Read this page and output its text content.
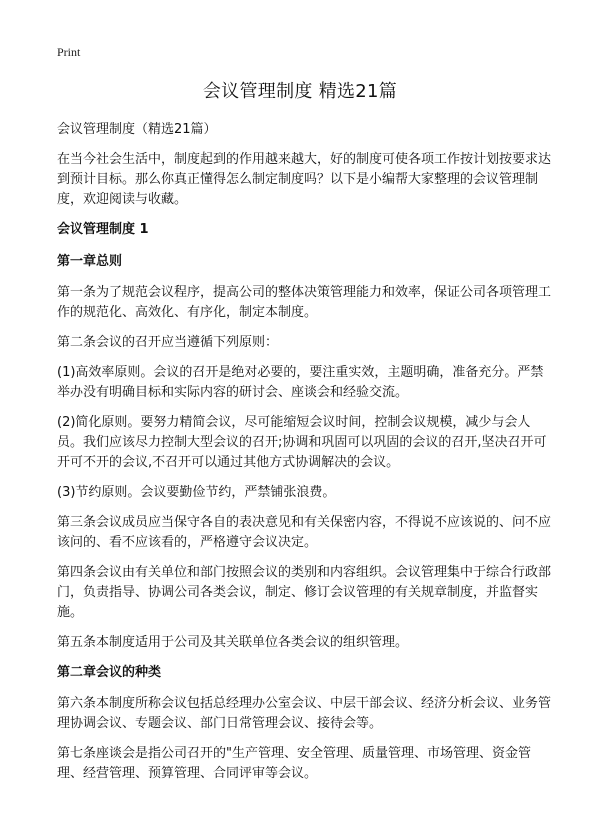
Print
会议管理制度 精选21篇

会议管理制度（精选21篇）

在当今社会生活中，制度起到的作用越来越大，好的制度可使各项工作按计划按要求达到预计目标。那么你真正懂得怎么制定制度吗？以下是小编帮大家整理的会议管理制度，欢迎阅读与收藏。

会议管理制度 1

第一章总则

第一条为了规范会议程序，提高公司的整体决策管理能力和效率，保证公司各项管理工作的规范化、高效化、有序化，制定本制度。

第二条会议的召开应当遵循下列原则：

(1)高效率原则。会议的召开是绝对必要的，要注重实效，主题明确，准备充分。严禁举办没有明确目标和实际内容的研讨会、座谈会和经验交流。

(2)简化原则。要努力精简会议，尽可能缩短会议时间，控制会议规模，减少与会人员。我们应该尽力控制大型会议的召开;协调和巩固可以巩固的会议的召开,坚决召开可开可不开的会议,不召开可以通过其他方式协调解决的会议。

(3)节约原则。会议要勤俭节约，严禁铺张浪费。

第三条会议成员应当保守各自的表决意见和有关保密内容，不得说不应该说的、问不应该问的、看不应该看的，严格遵守会议决定。

第四条会议由有关单位和部门按照会议的类别和内容组织。会议管理集中于综合行政部门，负责指导、协调公司各类会议，制定、修订会议管理的有关规章制度，并监督实施。

第五条本制度适用于公司及其关联单位各类会议的组织管理。

第二章会议的种类

第六条本制度所称会议包括总经理办公室会议、中层干部会议、经济分析会议、业务管理协调会议、专题会议、部门日常管理会议、接待会等。

第七条座谈会是指公司召开的"生产管理、安全管理、质量管理、市场管理、资金管理、经营管理、预算管理、合同评审等会议。
